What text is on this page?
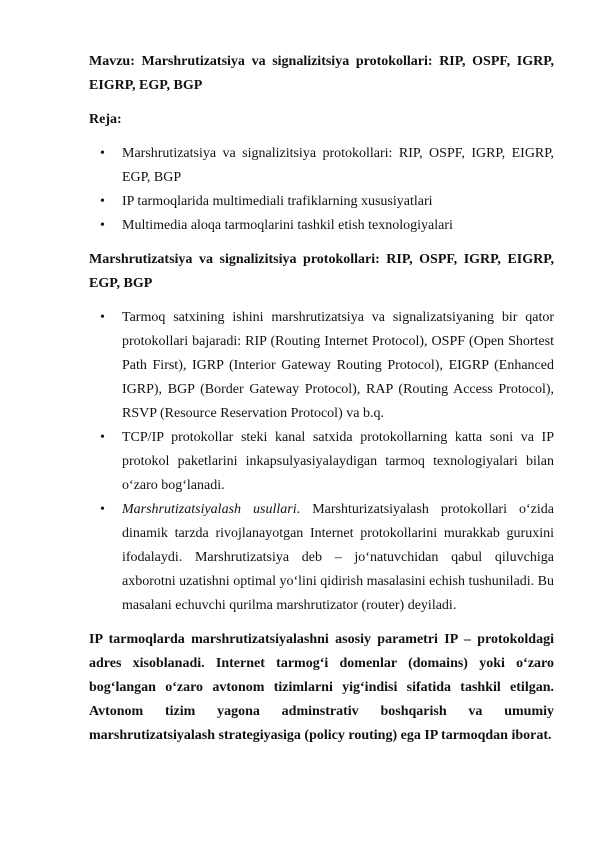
Mavzu: Marshrutizatsiya va signalizitsiya protokollari: RIP, OSPF, IGRP, EIGRP, EGP, BGP

Reja:

• Marshrutizatsiya va signalizitsiya protokollari: RIP, OSPF, IGRP, EIGRP, EGP, BGP
• IP tarmoqlarida multimediali trafiklarning xususiyatlari
• Multimedia aloqa tarmoqlarini tashkil etish texnologiyalari

Marshrutizatsiya va signalizitsiya protokollari: RIP, OSPF, IGRP, EIGRP, EGP, BGP

• Tarmoq satxining ishini marshrutizatsiya va signalizatsiyaning bir qator protokollari bajaradi: RIP (Routing Internet Protocol), OSPF (Open Shortest Path First), IGRP (Interior Gateway Routing Protocol), EIGRP (Enhanced IGRP), BGP (Border Gateway Protocol), RAP (Routing Access Protocol), RSVP (Resource Reservation Protocol) va b.q.
• TCP/IP protokollar steki kanal satxida protokollarning katta soni va IP protokol paketlarini inkapsulyasiyalaydigan tarmoq texnologiyalari bilan o‘zaro bog‘lanadi.
• Marshrutizatsiyalash usullari. Marshturizatsiyalash protokollari o‘zida dinamik tarzda rivojlanayotgan Internet protokollarini murakkab guruxini ifodalaydi. Marshrutizatsiya deb – jo‘natuvchidan qabul qiluvchiga axborotni uzatishni optimal yo‘lini qidirish masalasini echish tushuniladi. Bu masalani echuvchi qurilma marshrutizator (router) deyiladi.

IP tarmoqlarda marshrutizatsiyalashni asosiy parametri IP – protokoldagi adres xisoblanadi. Internet tarmog‘i domenlar (domains) yoki o‘zaro bog‘langan o‘zaro avtonom tizimlarni yig‘indisi sifatida tashkil etilgan. Avtonom tizim yagona adminstrativ boshqarish va umumiy marshrutizatsiyalash strategiyasiga (policy routing) ega IP tarmoqdan iborat.
